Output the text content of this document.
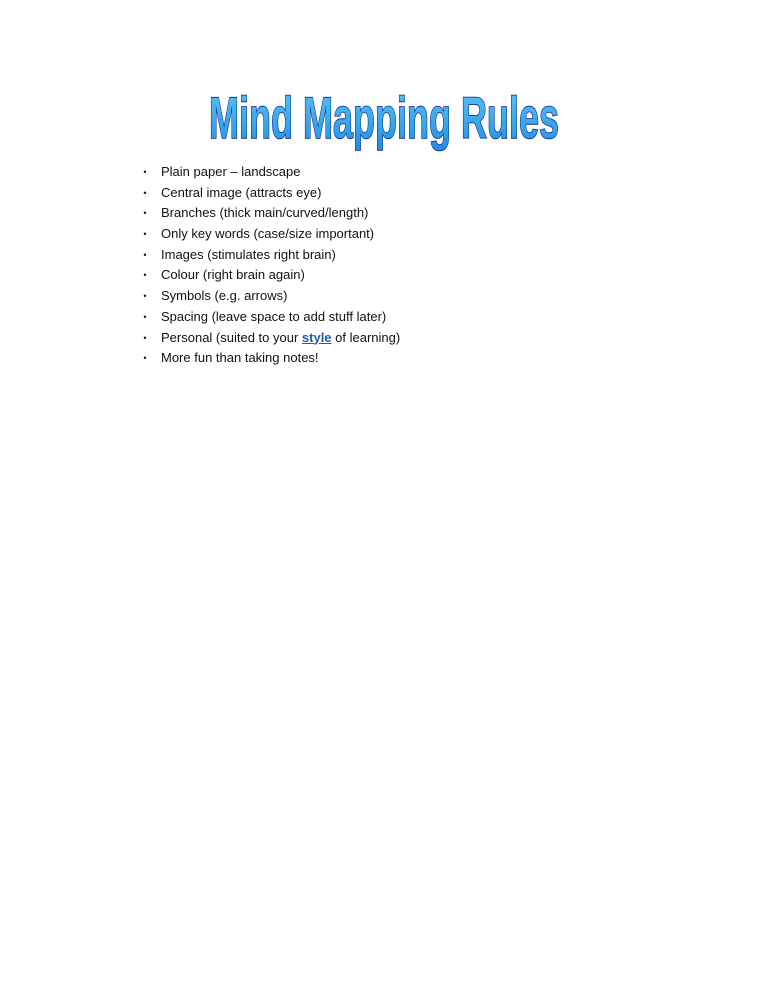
Mind Mapping Rules
• Plain paper – landscape
• Central image (attracts eye)
• Branches (thick main/curved/length)
• Only key words (case/size important)
• Images (stimulates right brain)
• Colour (right brain again)
• Symbols (e.g. arrows)
• Spacing (leave space to add stuff later)
• Personal (suited to your style of learning)
• More fun than taking notes!
